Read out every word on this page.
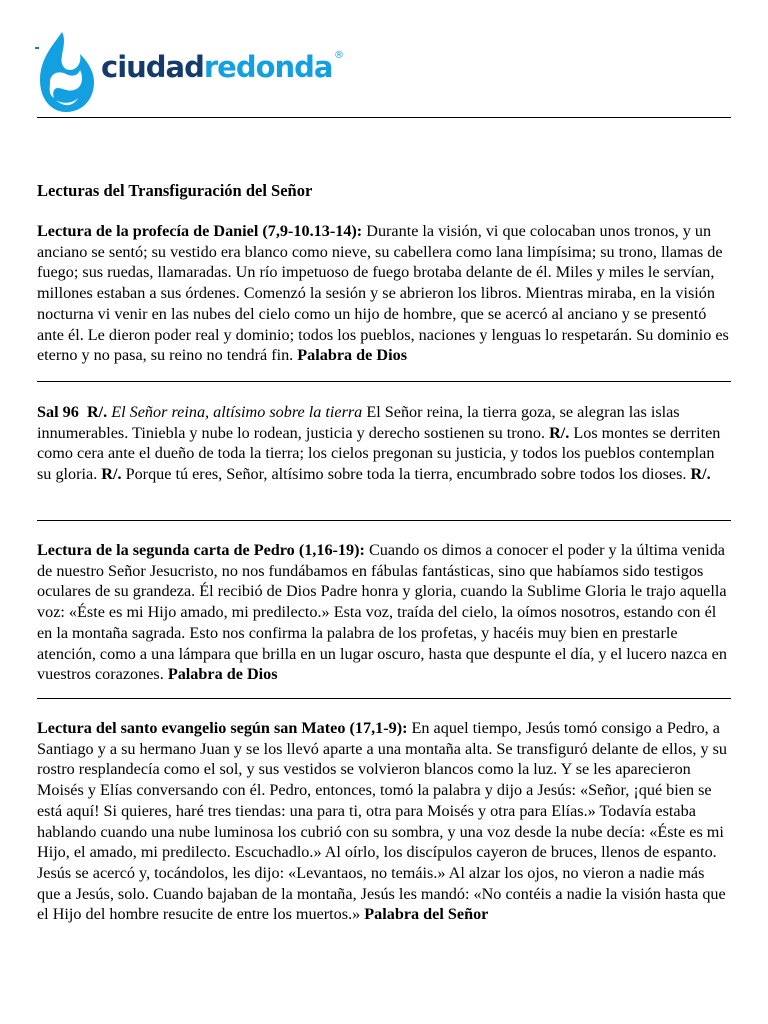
ciudadredonda ®
Lecturas del Transfiguración del Señor

Lectura de la profecía de Daniel (7,9-10.13-14): Durante la visión, vi que colocaban unos tronos, y un anciano se sentó; su vestido era blanco como nieve, su cabellera como lana limpísima; su trono, llamas de fuego; sus ruedas, llamaradas. Un río impetuoso de fuego brotaba delante de él. Miles y miles le servían, millones estaban a sus órdenes. Comenzó la sesión y se abrieron los libros. Mientras miraba, en la visión nocturna vi venir en las nubes del cielo como un hijo de hombre, que se acercó al anciano y se presentó ante él. Le dieron poder real y dominio; todos los pueblos, naciones y lenguas lo respetarán. Su dominio es eterno y no pasa, su reino no tendrá fin. Palabra de Dios

Sal 96 R/. El Señor reina, altísimo sobre la tierra El Señor reina, la tierra goza, se alegran las islas innumerables. Tiniebla y nube lo rodean, justicia y derecho sostienen su trono. R/. Los montes se derriten como cera ante el dueño de toda la tierra; los cielos pregonan su justicia, y todos los pueblos contemplan su gloria. R/. Porque tú eres, Señor, altísimo sobre toda la tierra, encumbrado sobre todos los dioses. R/.

Lectura de la segunda carta de Pedro (1,16-19): Cuando os dimos a conocer el poder y la última venida de nuestro Señor Jesucristo, no nos fundábamos en fábulas fantásticas, sino que habíamos sido testigos oculares de su grandeza. Él recibió de Dios Padre honra y gloria, cuando la Sublime Gloria le trajo aquella voz: «Éste es mi Hijo amado, mi predilecto.» Esta voz, traída del cielo, la oímos nosotros, estando con él en la montaña sagrada. Esto nos confirma la palabra de los profetas, y hacéis muy bien en prestarle atención, como a una lámpara que brilla en un lugar oscuro, hasta que despunte el día, y el lucero nazca en vuestros corazones. Palabra de Dios

Lectura del santo evangelio según san Mateo (17,1-9): En aquel tiempo, Jesús tomó consigo a Pedro, a Santiago y a su hermano Juan y se los llevó aparte a una montaña alta. Se transfiguró delante de ellos, y su rostro resplandecía como el sol, y sus vestidos se volvieron blancos como la luz. Y se les aparecieron Moisés y Elías conversando con él. Pedro, entonces, tomó la palabra y dijo a Jesús: «Señor, ¡qué bien se está aquí! Si quieres, haré tres tiendas: una para ti, otra para Moisés y otra para Elías.» Todavía estaba hablando cuando una nube luminosa los cubrió con su sombra, y una voz desde la nube decía: «Éste es mi Hijo, el amado, mi predilecto. Escuchadlo.» Al oírlo, los discípulos cayeron de bruces, llenos de espanto. Jesús se acercó y, tocándolos, les dijo: «Levantaos, no temáis.» Al alzar los ojos, no vieron a nadie más que a Jesús, solo. Cuando bajaban de la montaña, Jesús les mandó: «No contéis a nadie la visión hasta que el Hijo del hombre resucite de entre los muertos.» Palabra del Señor
